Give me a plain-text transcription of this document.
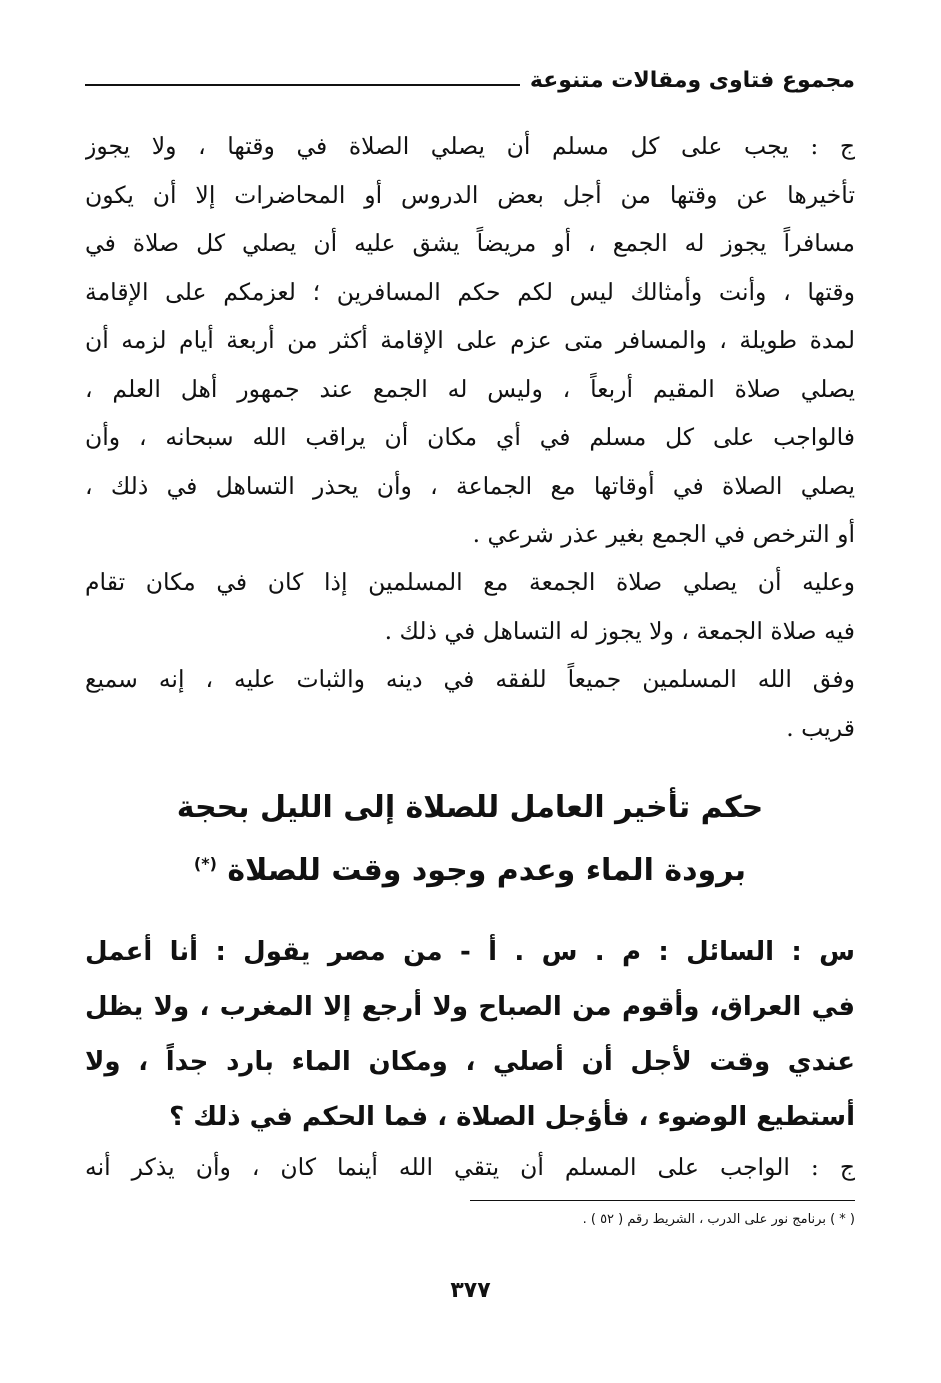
مجموع فتاوى ومقالات متنوعة
ج : يجب على كل مسلم أن يصلي الصلاة في وقتها ، ولا يجوز
تأخيرها عن وقتها من أجل بعض الدروس أو المحاضرات إلا أن يكون
مسافراً يجوز له الجمع ، أو مريضاً يشق عليه أن يصلي كل صلاة في
وقتها ، وأنت وأمثالك ليس لكم حكم المسافرين ؛ لعزمكم على الإقامة
لمدة طويلة ، والمسافر متى عزم على الإقامة أكثر من أربعة أيام لزمه أن
يصلي صلاة المقيم أربعاً ، وليس له الجمع عند جمهور أهل العلم ،
فالواجب على كل مسلم في أي مكان أن يراقب الله سبحانه ، وأن
يصلي الصلاة في أوقاتها مع الجماعة ، وأن يحذر التساهل في ذلك ،
أو الترخص في الجمع بغير عذر شرعي .
وعليه أن يصلي صلاة الجمعة مع المسلمين إذا كان في مكان تقام
فيه صلاة الجمعة ، ولا يجوز له التساهل في ذلك .
وفق الله المسلمين جميعاً للفقه في دينه والثبات عليه ، إنه سميع
قريب .
حكم تأخير العامل للصلاة إلى الليل بحجة
برودة الماء وعدم وجود وقت للصلاة (*)
س : السائل : م . س . أ - من مصر يقول : أنا أعمل
في العراق، وأقوم من الصباح ولا أرجع إلا المغرب ، ولا يظل
عندي وقت لأجل أن أصلي ، ومكان الماء بارد جداً ، ولا
أستطيع الوضوء ، فأؤجل الصلاة ، فما الحكم في ذلك ؟
ج : الواجب على المسلم أن يتقي الله أينما كان ، وأن يذكر أنه
( * ) برنامج نور على الدرب ، الشريط رقم ( ٥٢ ) .
٣٧٧
